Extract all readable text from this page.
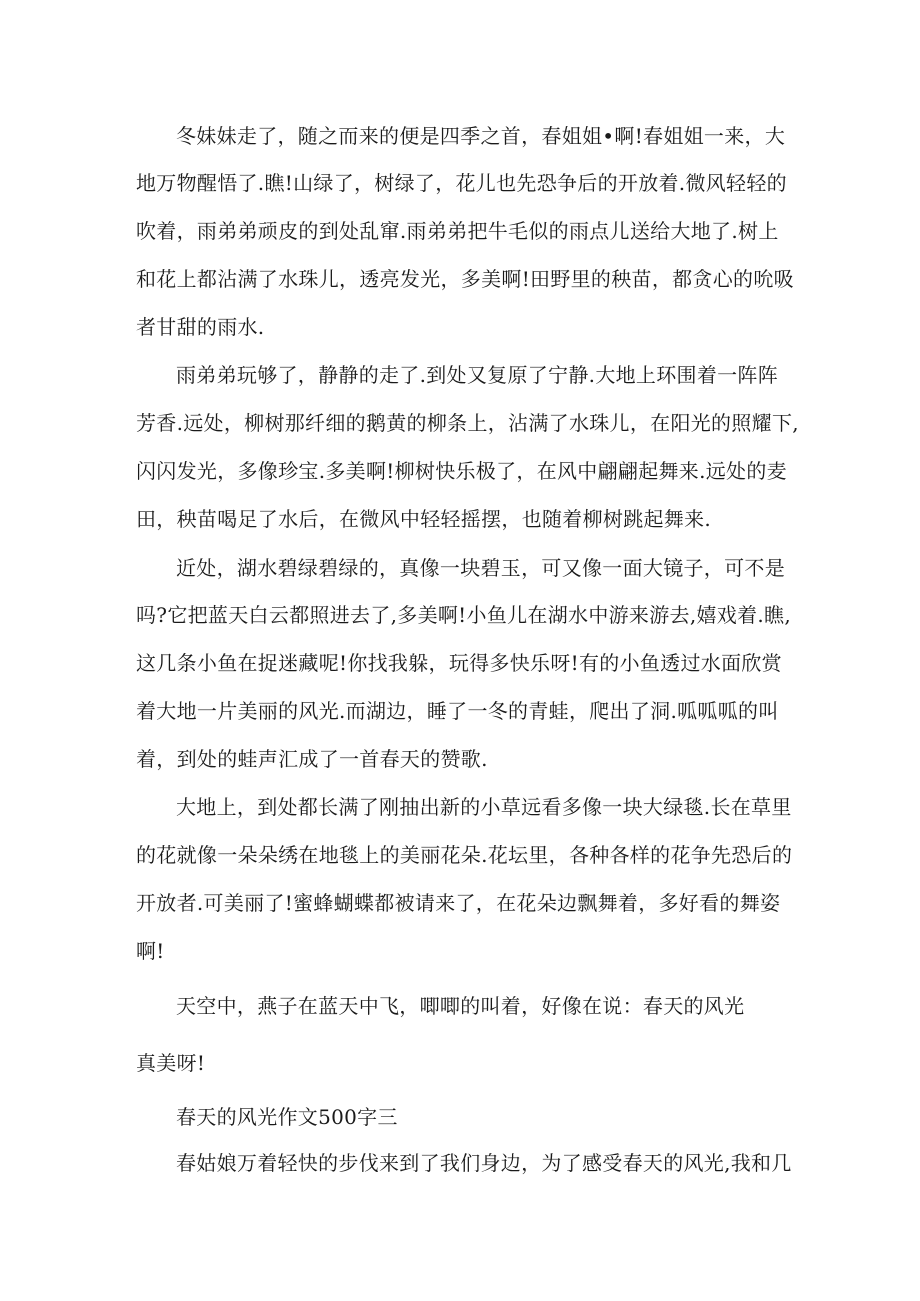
冬妹妹走了，随之而来的便是四季之首，春姐姐•啊!春姐姐一来，大
地万物醒悟了.瞧!山绿了，树绿了，花儿也先恐争后的开放着.微风轻轻的
吹着，雨弟弟顽皮的到处乱窜.雨弟弟把牛毛似的雨点儿送给大地了.树上
和花上都沾满了水珠儿，透亮发光，多美啊!田野里的秧苗，都贪心的吮吸
者甘甜的雨水.
雨弟弟玩够了，静静的走了.到处又复原了宁静.大地上环围着一阵阵
芳香.远处，柳树那纤细的鹅黄的柳条上，沾满了水珠儿，在阳光的照耀下,
闪闪发光，多像珍宝.多美啊!柳树快乐极了，在风中翩翩起舞来.远处的麦
田，秧苗喝足了水后，在微风中轻轻摇摆，也随着柳树跳起舞来.
近处，湖水碧绿碧绿的，真像一块碧玉，可又像一面大镜子，可不是
吗?它把蓝天白云都照进去了,多美啊!小鱼儿在湖水中游来游去,嬉戏着.瞧,
这几条小鱼在捉迷藏呢!你找我躲，玩得多快乐呀!有的小鱼透过水面欣赏
着大地一片美丽的风光.而湖边，睡了一冬的青蛙，爬出了洞.呱呱呱的叫
着，到处的蛙声汇成了一首春天的赞歌.
大地上，到处都长满了刚抽出新的小草远看多像一块大绿毯.长在草里
的花就像一朵朵绣在地毯上的美丽花朵.花坛里，各种各样的花争先恐后的
开放者.可美丽了!蜜蜂蝴蝶都被请来了，在花朵边飘舞着，多好看的舞姿
啊!
天空中，燕子在蓝天中飞，唧唧的叫着，好像在说：春天的风光
真美呀!
春天的风光作文500字三
春姑娘万着轻快的步伐来到了我们身边，为了感受春天的风光,我和几
